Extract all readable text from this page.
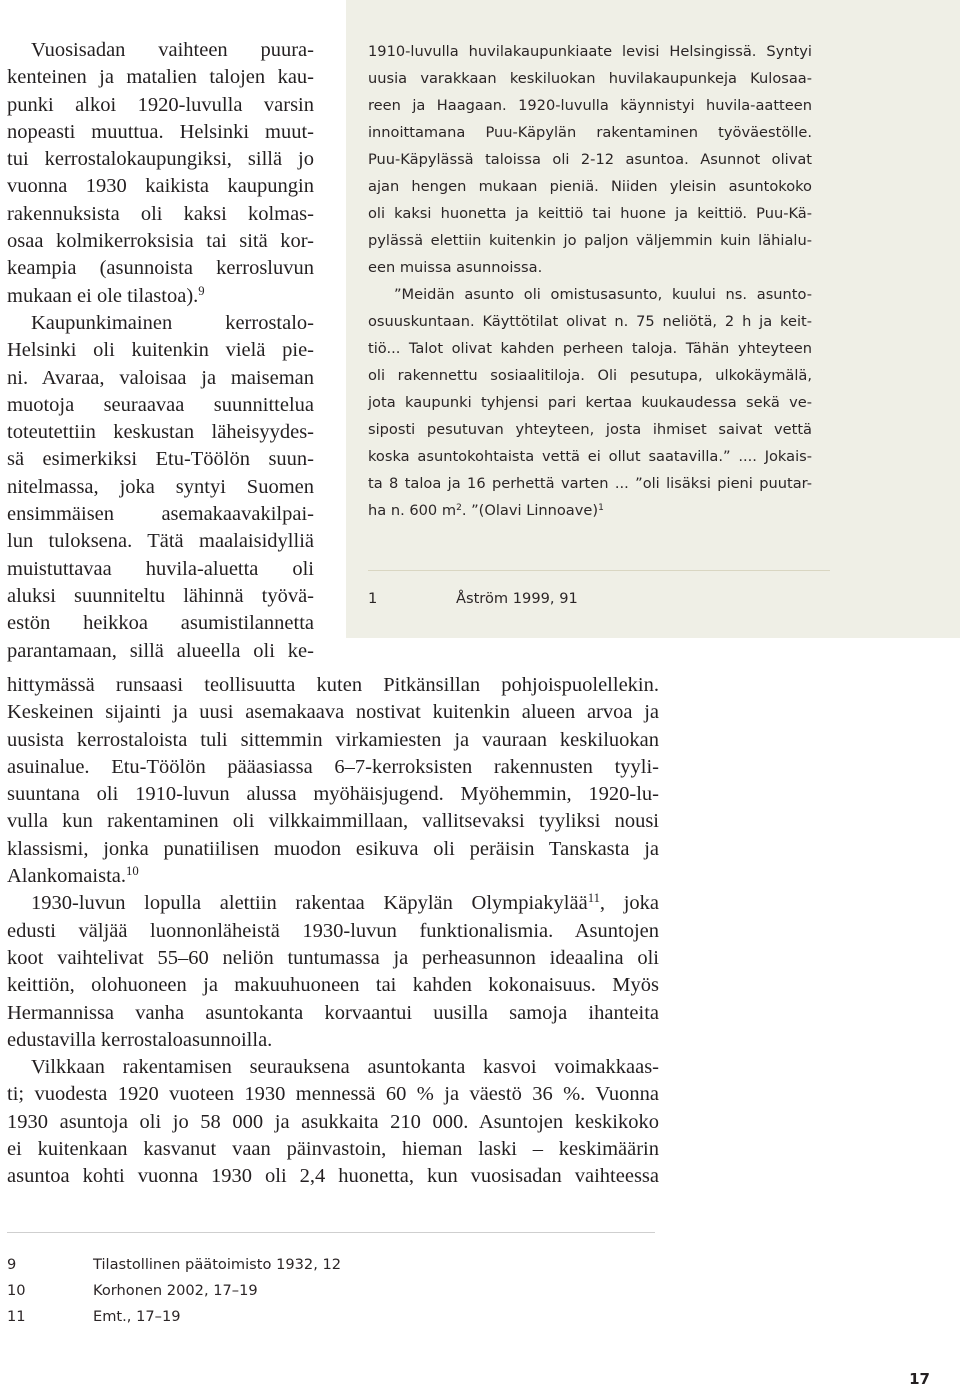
1910-luvulla huvilakaupunkiaate levisi Helsingissä. Syntyi
uusia varakkaan keskiluokan huvilakaupunkeja Kulosaa-
reen ja Haagaan. 1920-luvulla käynnistyi huvila-aatteen
innoittamana Puu-Käpylän rakentaminen työväestölle.
Puu-Käpylässä taloissa oli 2-12 asuntoa. Asunnot olivat
ajan hengen mukaan pieniä. Niiden yleisin asuntokoko
oli kaksi huonetta ja keittiö tai huone ja keittiö. Puu-Kä-
pylässä elettiin kuitenkin jo paljon väljemmin kuin lähialu-
een muissa asunnoissa.
”Meidän asunto oli omistusasunto, kuului ns. asunto-
osuuskuntaan. Käyttötilat olivat n. 75 neliötä, 2 h ja keit-
tiö... Talot olivat kahden perheen taloja. Tähän yhteyteen
oli rakennettu sosiaalitiloja. Oli pesutupa, ulkokäymälä,
jota kaupunki tyhjensi pari kertaa kuukaudessa sekä ve-
siposti pesutuvan yhteyteen, josta ihmiset saivat vettä
koska asuntokohtaista vettä ei ollut saatavilla.” .... Jokais-
ta 8 taloa ja 16 perhettä varten ... ”oli lisäksi pieni puutar-
ha n. 600 $m^2$. ”(Olavi Linnoave)$^1$
1	Åström 1999, 91
Vuosisadan vaihteen puura-
kenteinen ja matalien talojen kau-
punki alkoi 1920-luvulla varsin
nopeasti muuttua. Helsinki muut-
tui kerrostalokaupungiksi, sillä jo
vuonna 1930 kaikista kaupungin
rakennuksista oli kaksi kolmas-
osaa kolmikerroksisia tai sitä kor-
keampia (asunnoista kerrosluvun
mukaan ei ole tilastoa).$^9$
Kaupunkimainen kerrostalo-
Helsinki oli kuitenkin vielä pie-
ni. Avaraa, valoisaa ja maiseman
muotoja seuraavaa suunnittelua
toteutettiin keskustan läheisyydes-
sä esimerkiksi Etu-Töölön suun-
nitelmassa, joka syntyi Suomen
ensimmäisen asemakaavakilpai-
lun tuloksena. Tätä maalaisidylliä
muistuttavaa huvila-aluetta oli
aluksi suunniteltu lähinnä työvä-
estön heikkoa asumistilannetta
parantamaan, sillä alueella oli ke-
hittymässä runsaasi teollisuutta kuten Pitkänsillan pohjoispuolellekin.
Keskeinen sijainti ja uusi asemakaava nostivat kuitenkin alueen arvoa ja
uusista kerrostaloista tuli sittemmin virkamiesten ja vauraan keskiluokan
asuinalue. Etu-Töölön pääasiassa 6–7-kerroksisten rakennusten tyyli-
suuntana oli 1910-luvun alussa myöhäisjugend. Myöhemmin, 1920-lu-
vulla kun rakentaminen oli vilkkaimmillaan, vallitsevaksi tyyliksi nousi
klassismi, jonka punatiilisen muodon esikuva oli peräisin Tanskasta ja
Alankomaista.$^{10}$
1930-luvun lopulla alettiin rakentaa Käpylän Olympiakylää$^{11}$, joka
edusti väljää luonnonläheistä 1930-luvun funktionalismia. Asuntojen
koot vaihtelivat 55–60 neliön tuntumassa ja perheasunnon ideaalina oli
keittiön, olohuoneen ja makuuhuoneen tai kahden kokonaisuus. Myös
Hermannissa vanha asuntokanta korvaantui uusilla samoja ihanteita
edustavilla kerrostaloasunnoilla.
Vilkkaan rakentamisen seurauksena asuntokanta kasvoi voimakkaas-
ti; vuodesta 1920 vuoteen 1930 mennessä 60 % ja väestö 36 %. Vuonna
1930 asuntoja oli jo 58 000 ja asukkaita 210 000. Asuntojen keskikoko
ei kuitenkaan kasvanut vaan päinvastoin, hieman laski – keskimäärin
asuntoa kohti vuonna 1930 oli 2,4 huonetta, kun vuosisadan vaihteessa
9	Tilastollinen päätoimisto 1932, 12
10	Korhonen 2002, 17–19
11	Emt., 17–19
17
